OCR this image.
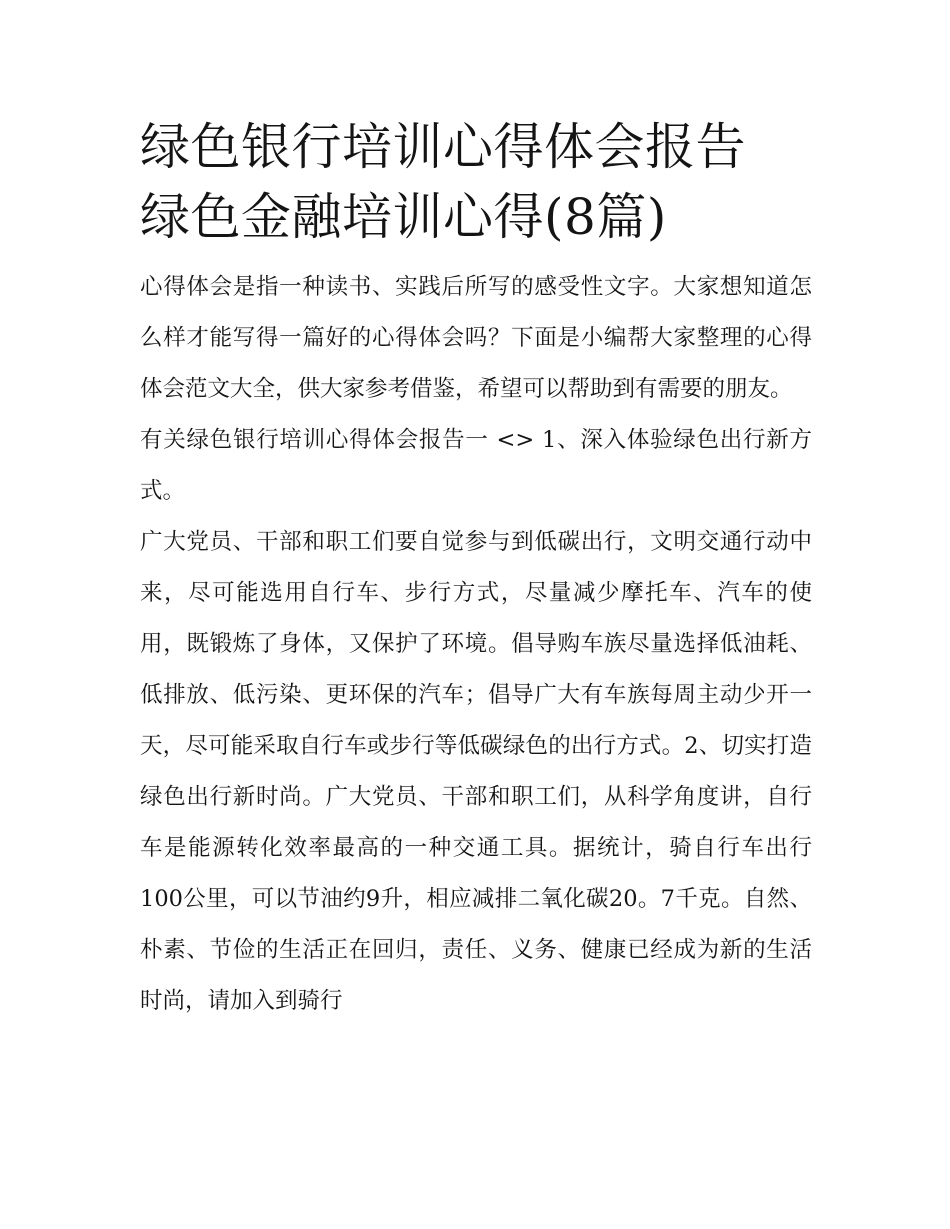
绿色银行培训心得体会报告 绿色金融培训心得(8篇)

心得体会是指一种读书、实践后所写的感受性文字。大家想知道怎么样才能写得一篇好的心得体会吗？下面是小编帮大家整理的心得体会范文大全，供大家参考借鉴，希望可以帮助到有需要的朋友。

有关绿色银行培训心得体会报告一 <> 1、深入体验绿色出行新方式。

广大党员、干部和职工们要自觉参与到低碳出行，文明交通行动中来，尽可能选用自行车、步行方式，尽量减少摩托车、汽车的使用，既锻炼了身体，又保护了环境。倡导购车族尽量选择低油耗、低排放、低污染、更环保的汽车；倡导广大有车族每周主动少开一天，尽可能采取自行车或步行等低碳绿色的出行方式。2、切实打造绿色出行新时尚。广大党员、干部和职工们，从科学角度讲，自行车是能源转化效率最高的一种交通工具。据统计，骑自行车出行100公里，可以节油约9升，相应减排二氧化碳20。7千克。自然、朴素、节俭的生活正在回归，责任、义务、健康已经成为新的生活时尚，请加入到骑行
